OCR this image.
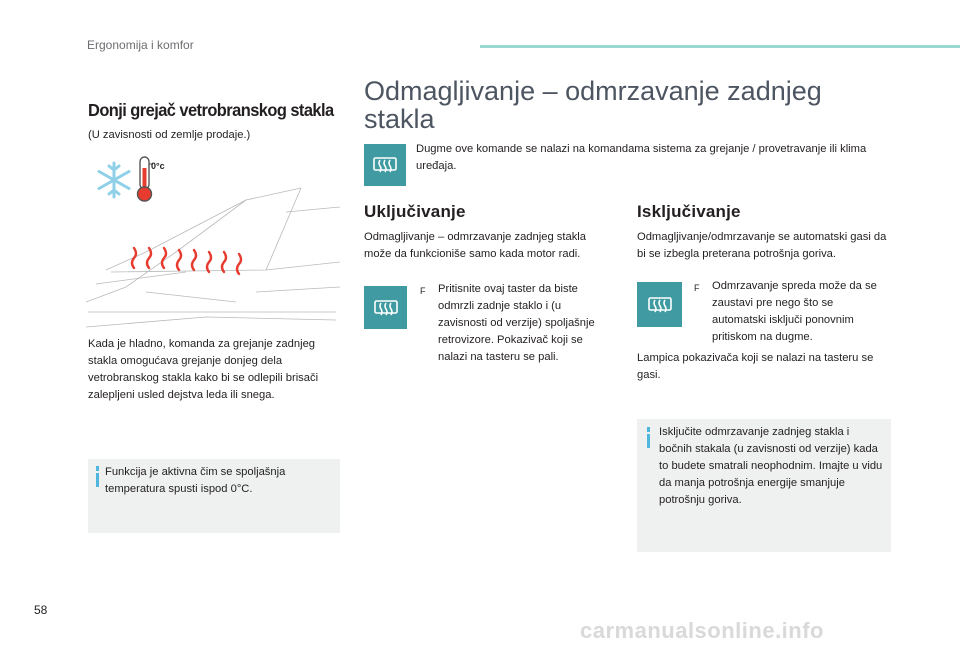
Ergonomija i komfor
Donji grejač vetrobranskog stakla
(U zavisnosti od zemlje prodaje.)
0°c
Kada je hladno, komanda za grejanje zadnjeg stakla omogućava grejanje donjeg dela vetrobranskog stakla kako bi se odlepili brisači zalepljeni usled dejstva leda ili snega.
Funkcija je aktivna čim se spoljašnja temperatura spusti ispod 0°C.
Odmagljivanje – odmrzavanje zadnjeg stakla
Dugme ove komande se nalazi na komandama sistema za grejanje / provetravanje ili klima uređaja.
Uključivanje
Odmagljivanje – odmrzavanje zadnjeg stakla može da funkcioniše samo kada motor radi.
F Pritisnite ovaj taster da biste odmrzli zadnje staklo i (u zavisnosti od verzije) spoljašnje retrovizore. Pokazivač koji se nalazi na tasteru se pali.
Isključivanje
Odmagljivanje/odmrzavanje se automatski gasi da bi se izbegla preterana potrošnja goriva.
F Odmrzavanje spreda može da se zaustavi pre nego što se automatski isključi ponovnim pritiskom na dugme.
Lampica pokazivača koji se nalazi na tasteru se gasi.
Isključite odmrzavanje zadnjeg stakla i bočnih stakala (u zavisnosti od verzije) kada to budete smatrali neophodnim. Imajte u vidu da manja potrošnja energije smanjuje potrošnju goriva.
58
carmanualsonline.info
